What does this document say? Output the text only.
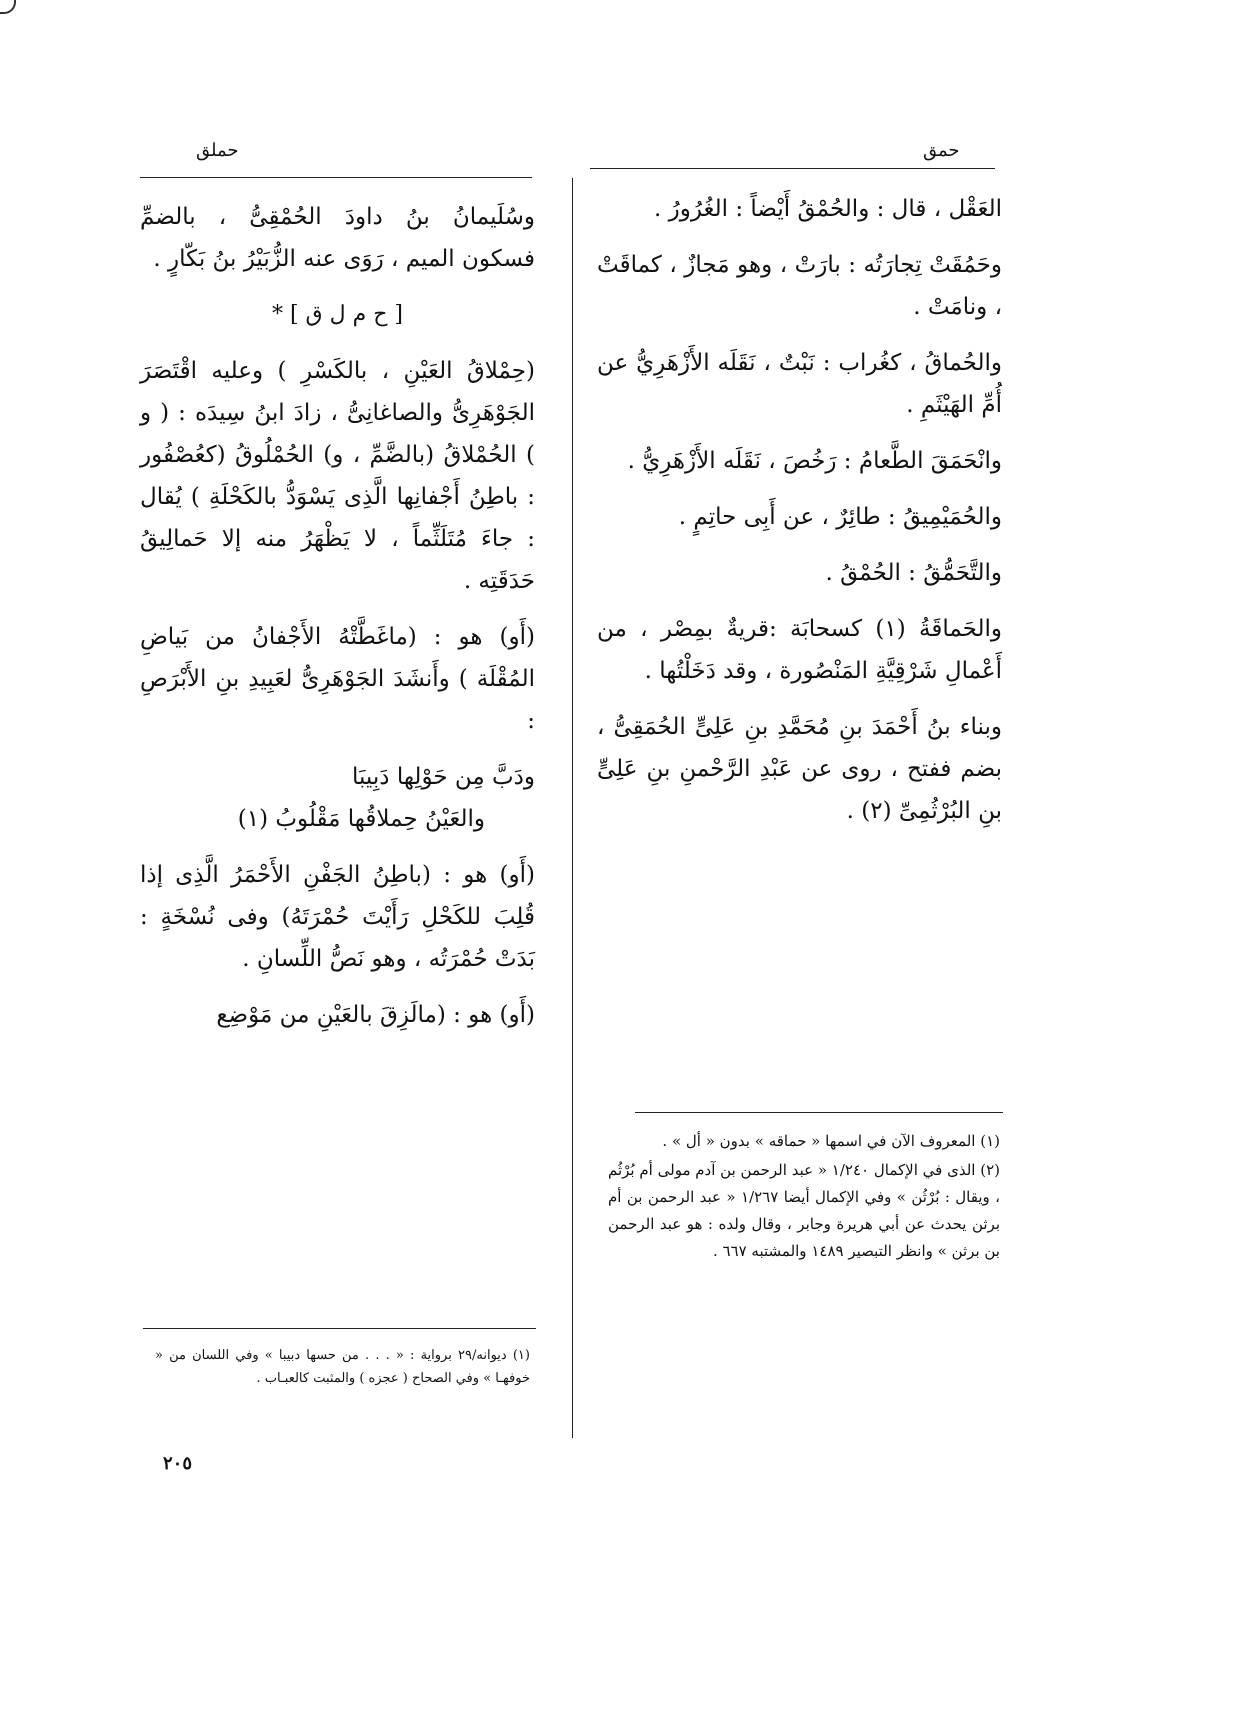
حملق	حمق

العَقْل ، قال : والحُمْقُ أَيْضاً : الغُرُورُ .

وحَمُقَتْ تِجارَتُه : بارَتْ ، وهو مَجازٌ ، كماقَتْ ، ونامَتْ .

والحُماقُ ، كغُراب : نَبْتٌ ، نَقَلَه الأَزْهَرِيُّ عن أُمِّ الهَيْثَمِ .

وانْحَمَقَ الطَّعامُ : رَخُصَ ، نَقَلَه الأَزْهَرِيُّ .

والحُمَيْمِيقُ : طائِرٌ ، عن أَبِى حاتِمٍ .

والتَّحَمُّقُ : الحُمْقُ .

والحَماقَةُ (١) كسحابَة :قريةٌ بمِصْر ، من أَعْمالِ شَرْقِيَّةِ المَنْصُورة ، وقد دَخَلْتُها .

وبناء بنُ أَحْمَدَ بنِ مُحَمَّدِ بنِ عَلِىٍّ الحُمَقِىُّ ، بضم ففتح ، روى عن عَبْدِ الرَّحْمنِ بنِ عَلِىٍّ بنِ البُرْثُمِىِّ (٢) .

(١) المعروف الآن في اسمها « حماقه » بدون « أل » .

(٢) الذى في الإكمال ١/٢٤٠ « عبد الرحمن بن آدم مولى أم بُرْثُم ، ويقال : بُرْثُن » وفي الإكمال أيضا ١/٢٦٧ « عبد الرحمن بن أم برثن يحدث عن أبي هريرة وجابر ، وقال ولده : هو عبد الرحمن بن برثن » وانظر التبصير ١٤٨٩ والمشتبه ٦٦٧ .

وسُلَيمانُ بنُ داودَ الحُمْقِىُّ ، بالضمِّ فسكون الميم ، رَوَى عنه الزُّبَيْرُ بنُ بَكّارٍ .

[ ح م ل ق ] *

(حِمْلاقُ العَيْنِ ، بالكَسْرِ ) وعليه اقْتَصَرَ الجَوْهَرِىُّ والصاغانِىُّ ، زادَ ابنُ سِيدَه : ( و ) الحُمْلاقُ (بالضَّمِّ ، و) الحُمْلُوقُ (كعُصْفُور : باطِنُ أَجْفانِها الَّذِى يَسْوَدُّ بالكَحْلَةِ ) يُقال : جاءَ مُتَلَثِّماً ، لا يَظْهَرُ منه إلا حَمالِيقُ حَدَقَتِه .

(أَو) هو : (ماغَطَّتْهُ الأَجْفانُ من بَياضِ المُقْلَة ) وأَنشَدَ الجَوْهَرِىُّ لعَبِيدِ بنِ الأَبْرَصِ :

ودَبَّ مِن حَوْلِها دَبِيبَا
والعَيْنُ حِملاقُها مَقْلُوبُ (١)

(أَو) هو : (باطِنُ الجَفْنِ الأَحْمَرُ الَّذِى إذا قُلِبَ للكَحْلِ رَأَيْتَ حُمْرَتَهُ) وفى نُسْخَةٍ : بَدَتْ حُمْرَتُه ، وهو نَصُّ اللِّسانِ .

(أَو) هو : (مالَزِقَ بالعَيْنِ من مَوْضِع

(١) ديوانه/٢٩ برواية : « . . . من حسها دبيبا » وفي اللسان من « خوفهـا » وفي الصحاح ( عجزه ) والمثبت كالعبـاب .

٢٠٥
